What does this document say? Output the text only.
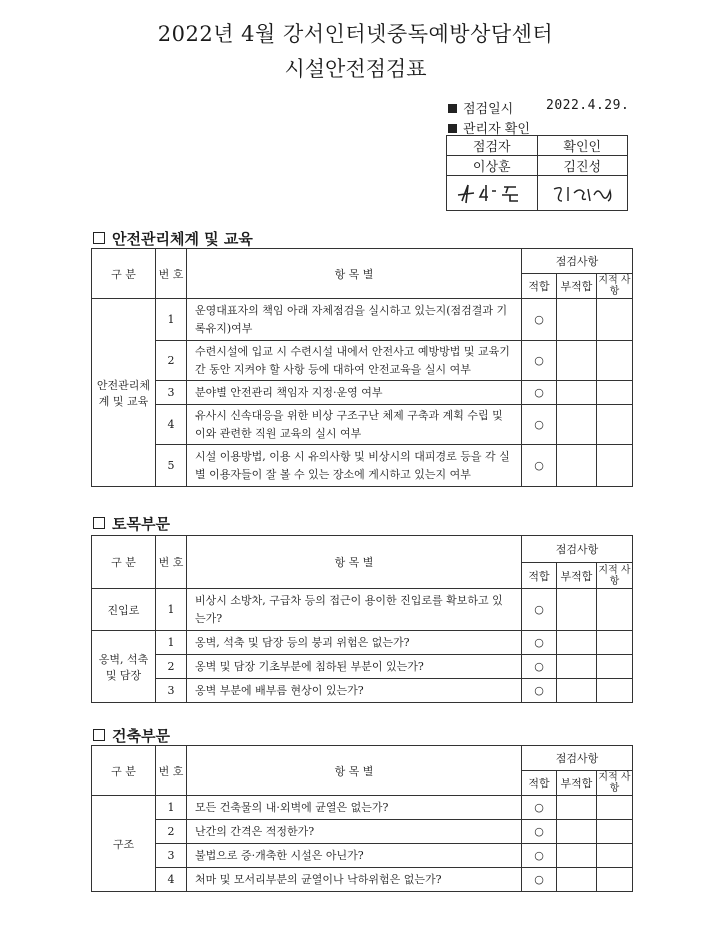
2022년 4월 강서인터넷중독예방상담센터
시설안전점검표
점검일시	2022.4.29.
관리자 확인
점검자	확인인
이상훈	김진성

안전관리체계 및 교육
구 분	번 호	항 목 별	점검사항		
			적합	부적합	지적 사항
안전관리체계 및 교육	1	운영대표자의 책임 아래 자체점검을 실시하고 있는지(점검결과 기록유지)여부	○		
	2	수련시설에 입교 시 수련시설 내에서 안전사고 예방방법 및 교육기간 동안 지켜야 할 사항 등에 대하여 안전교육을 실시 여부	○		
	3	분야별 안전관리 책임자 지정·운영 여부	○		
	4	유사시 신속대응을 위한 비상 구조구난 체제 구축과 계획 수립 및 이와 관련한 직원 교육의 실시 여부	○		
	5	시설 이용방법, 이용 시 유의사항 및 비상시의 대피경로 등을 각 실별 이용자들이 잘 볼 수 있는 장소에 게시하고 있는지 여부	○		
토목부문
구 분	번 호	항 목 별	점검사항		
			적합	부적합	지적 사항
진입로	1	비상시 소방차, 구급차 등의 접근이 용이한 진입로를 확보하고 있는가?	○		
옹벽, 석축 및 담장	1	옹벽, 석축 및 담장 등의 붕괴 위험은 없는가?	○		
	2	옹벽 및 담장 기초부분에 침하된 부분이 있는가?	○		
	3	옹벽 부분에 배부름 현상이 있는가?	○		
건축부문
구 분	번 호	항 목 별	점검사항		
			적합	부적합	지적 사항
구조	1	모든 건축물의 내·외벽에 균열은 없는가?	○		
	2	난간의 간격은 적정한가?	○		
	3	불법으로 증·개축한 시설은 아닌가?	○		
	4	처마 및 모서리부분의 균열이나 낙하위험은 없는가?	○		
